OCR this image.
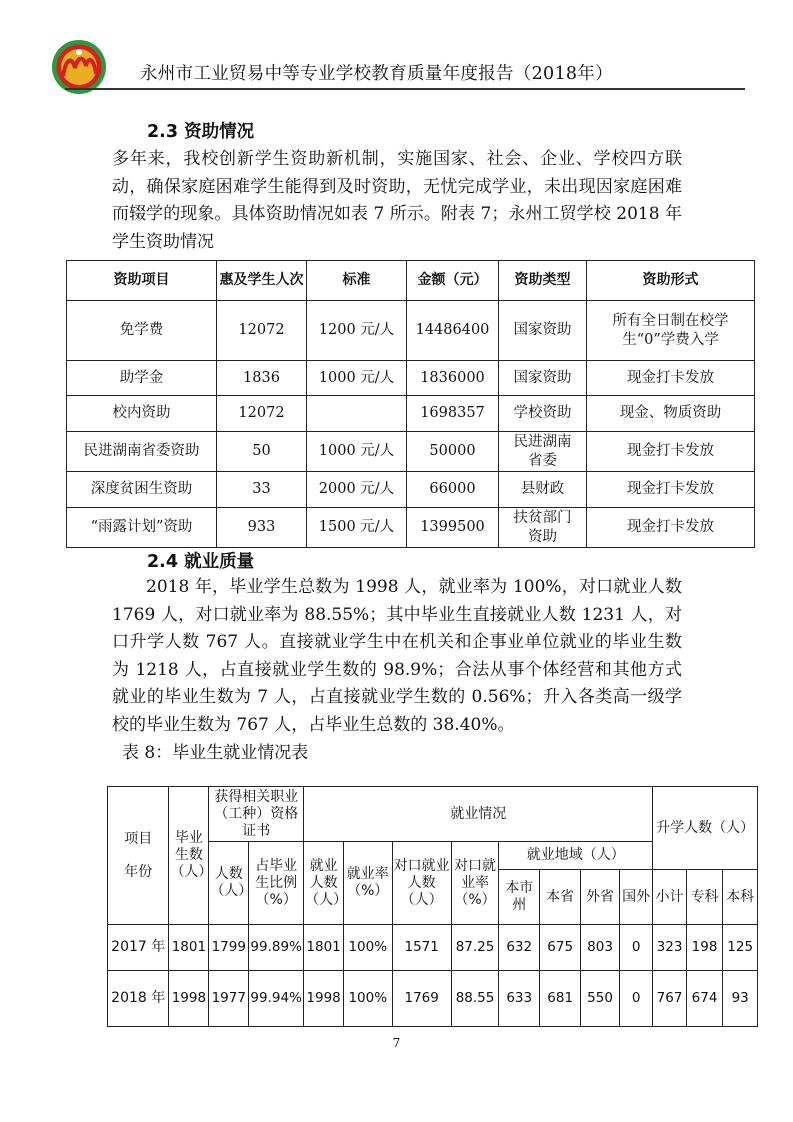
永州市工业贸易中等专业学校教育质量年度报告（2018年）
2.3 资助情况

多年来，我校创新学生资助新机制，实施国家、社会、企业、学校四方联动，确保家庭困难学生能得到及时资助，无忧完成学业，未出现因家庭困难而辍学的现象。具体资助情况如表 7 所示。附表 7；永州工贸学校 2018 年学生资助情况

资助项目	惠及学生人次	标准	金额（元）	资助类型	资助形式
免学费	12072	1200 元/人	14486400	国家资助	所有全日制在校学生“0”学费入学
助学金	1836	1000 元/人	1836000	国家资助	现金打卡发放
校内资助	12072		1698357	学校资助	现金、物质资助
民进湖南省委资助	50	1000 元/人	50000	民进湖南省委	现金打卡发放
深度贫困生资助	33	2000 元/人	66000	县财政	现金打卡发放
“雨露计划”资助	933	1500 元/人	1399500	扶贫部门资助	现金打卡发放
2.4 就业质量

2018 年，毕业学生总数为 1998 人，就业率为 100%，对口就业人数 1769 人，对口就业率为 88.55%；其中毕业生直接就业人数 1231 人，对口升学人数 767 人。直接就业学生中在机关和企事业单位就业的毕业生数为 1218 人，占直接就业学生数的 98.9%；合法从事个体经营和其他方式就业的毕业生数为 7 人，占直接就业学生数的 0.56%；升入各类高一级学校的毕业生数为 767 人，占毕业生总数的 38.40%。

表 8：毕业生就业情况表
项目
年份	毕业生数（人）	获得相关职业（工种）资格证书		就业情况								升学人数（人）		
		人数（人）	占毕业生比例（%）	就业人数（人）	就业率（%）	对口就业人数（人）	对口就业率（%）	就业地域（人）						
								本市州	本省	外省	国外	小计	专科	本科
2017 年	1801	1799	99.89%	1801	100%	1571	87.25	632	675	803	0	323	198	125
2018 年	1998	1977	99.94%	1998	100%	1769	88.55	633	681	550	0	767	674	93
7
